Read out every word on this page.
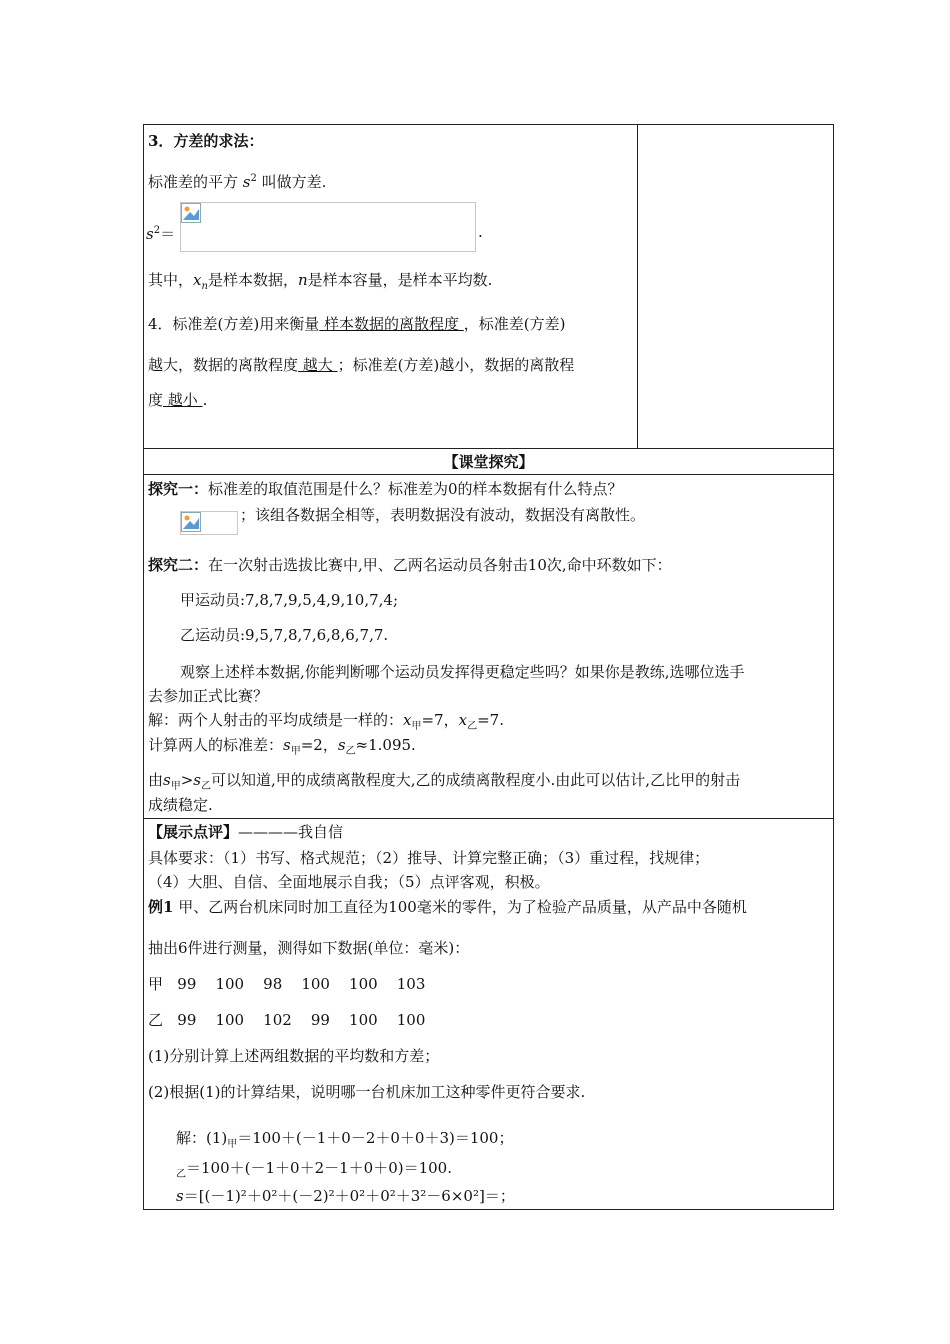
3．方差的求法：
标准差的平方 $s^2$ 叫做方差.
$s^2=$	.
其中，$x_n$是样本数据，n是样本容量，是样本平均数.
4．标准差(方差)用来衡量 样本数据的离散程度 ，标准差(方差)
越大，数据的离散程度 越大 ；标准差(方差)越小，数据的离散程
度 越小 .
【课堂探究】
探究一：标准差的取值范围是什么？标准差为0的样本数据有什么特点？
；该组各数据全相等，表明数据没有波动，数据没有离散性。
探究二：在一次射击选拔比赛中,甲、乙两名运动员各射击10次,命中环数如下：
甲运动员:7,8,7,9,5,4,9,10,7,4;
乙运动员:9,5,7,8,7,6,8,6,7,7.
观察上述样本数据,你能判断哪个运动员发挥得更稳定些吗？如果你是教练,选哪位选手
去参加正式比赛？
解：两个人射击的平均成绩是一样的：$x_甲=7$，$x_乙=7$.
计算两人的标准差：$s_甲=2$，$s_乙\approx 1.095$.
由$s_甲>s_乙$可以知道,甲的成绩离散程度大,乙的成绩离散程度小.由此可以估计,乙比甲的射击
成绩稳定.
【展示点评】————我自信
具体要求：（1）书写、格式规范；（2）推导、计算完整正确；（3）重过程，找规律；
（4）大胆、自信、全面地展示自我；（5）点评客观，积极。
例1 甲、乙两台机床同时加工直径为100毫米的零件，为了检验产品质量，从产品中各随机
抽出6件进行测量，测得如下数据(单位：毫米)：
甲   99    100    98    100    100    103
乙   99    100    102    99    100    100
(1)分别计算上述两组数据的平均数和方差；
(2)根据(1)的计算结果，说明哪一台机床加工这种零件更符合要求.
解：$(1)_甲=100+(-1+0-2+0+0+3)=100$；
$_乙$＝100＋(－1＋0＋2－1＋0＋0)＝100.
s＝[(－1)²＋0²＋(－2)²＋0²＋0²＋3²－6×0²]＝；
